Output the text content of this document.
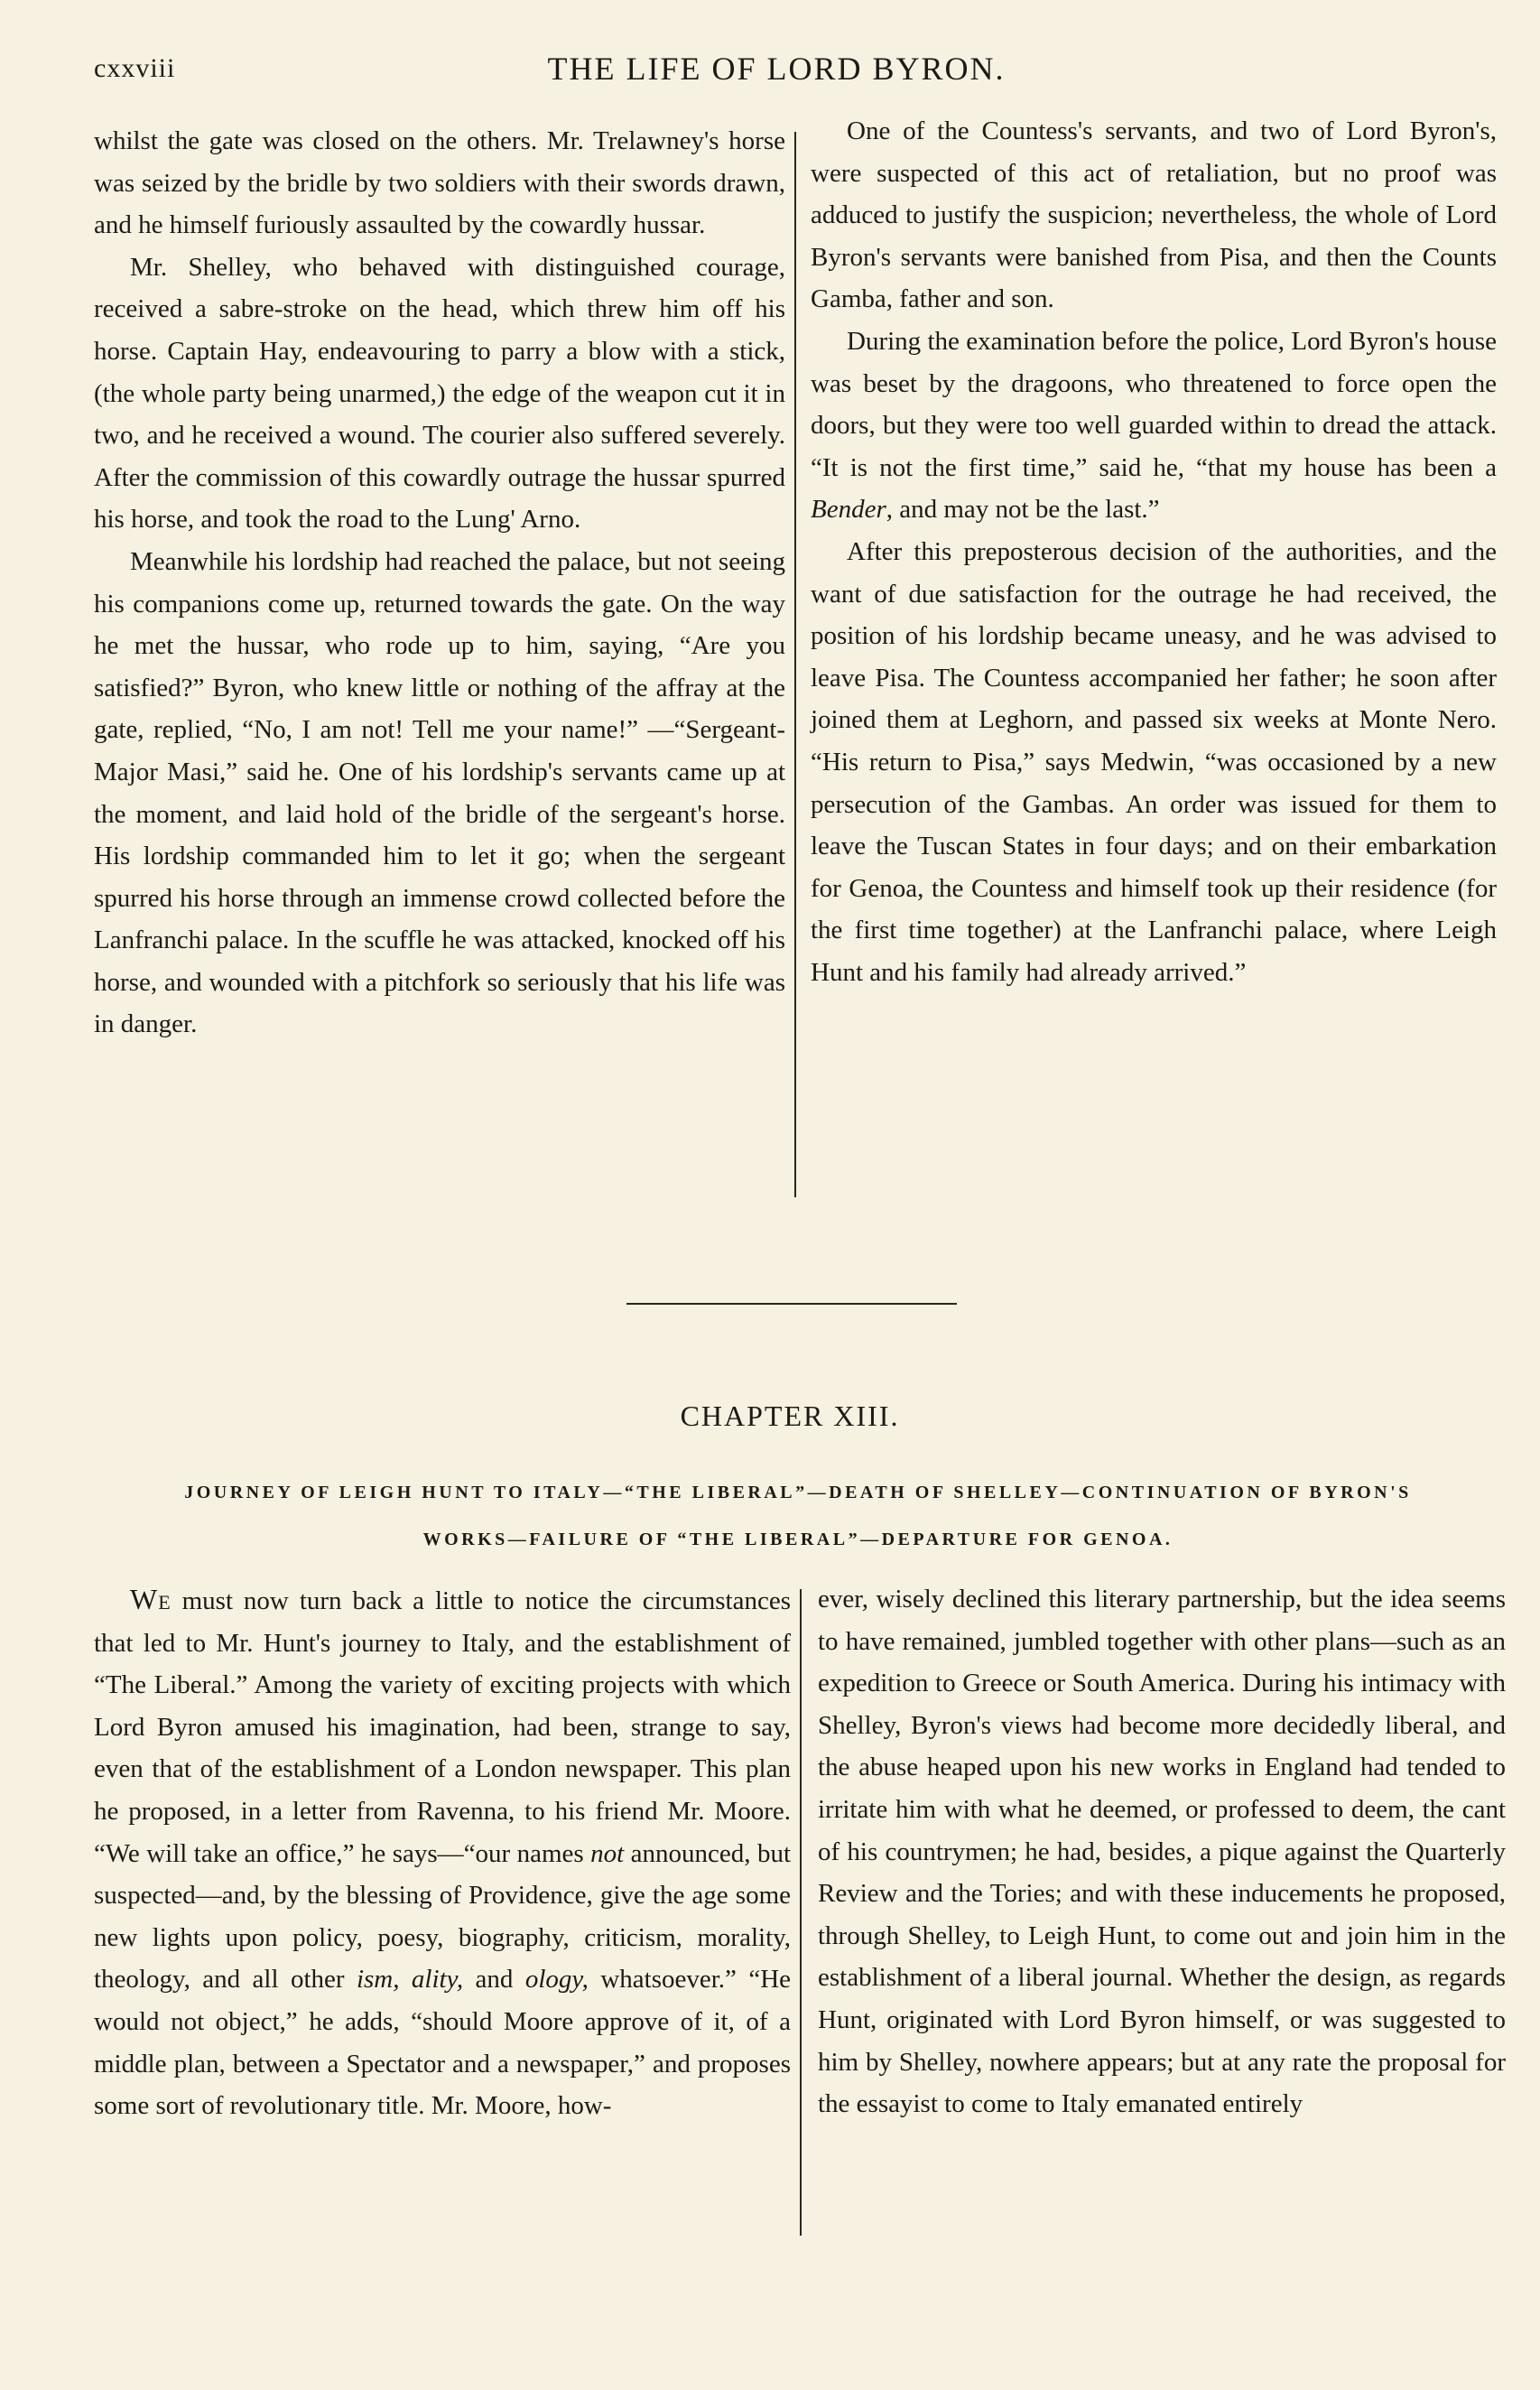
cxxviii	THE LIFE OF LORD BYRON.

whilst the gate was closed on the others. Mr. Trelawney's horse was seized by the bridle by two soldiers with their swords drawn, and he himself furiously assaulted by the cowardly hussar.

Mr. Shelley, who behaved with distinguished courage, received a sabre-stroke on the head, which threw him off his horse. Captain Hay, endeavouring to parry a blow with a stick, (the whole party being unarmed,) the edge of the weapon cut it in two, and he received a wound. The courier also suffered severely. After the commission of this cowardly outrage the hussar spurred his horse, and took the road to the Lung' Arno.

Meanwhile his lordship had reached the palace, but not seeing his companions come up, returned towards the gate. On the way he met the hussar, who rode up to him, saying, “Are you satisfied?” Byron, who knew little or nothing of the affray at the gate, replied, “No, I am not! Tell me your name!” —“Sergeant-Major Masi,” said he. One of his lordship's servants came up at the moment, and laid hold of the bridle of the sergeant's horse. His lordship commanded him to let it go; when the sergeant spurred his horse through an immense crowd collected before the Lanfranchi palace. In the scuffle he was attacked, knocked off his horse, and wounded with a pitchfork so seriously that his life was in danger.

One of the Countess's servants, and two of Lord Byron's, were suspected of this act of retaliation, but no proof was adduced to justify the suspicion; nevertheless, the whole of Lord Byron's servants were banished from Pisa, and then the Counts Gamba, father and son.

During the examination before the police, Lord Byron's house was beset by the dragoons, who threatened to force open the doors, but they were too well guarded within to dread the attack. “It is not the first time,” said he, “that my house has been a Bender, and may not be the last.”

After this preposterous decision of the authorities, and the want of due satisfaction for the outrage he had received, the position of his lordship became uneasy, and he was advised to leave Pisa. The Countess accompanied her father; he soon after joined them at Leghorn, and passed six weeks at Monte Nero. “His return to Pisa,” says Medwin, “was occasioned by a new persecution of the Gambas. An order was issued for them to leave the Tuscan States in four days; and on their embarkation for Genoa, the Countess and himself took up their residence (for the first time together) at the Lanfranchi palace, where Leigh Hunt and his family had already arrived.”

CHAPTER XIII.
JOURNEY OF LEIGH HUNT TO ITALY—“THE LIBERAL”—DEATH OF SHELLEY—CONTINUATION OF BYRON'S
WORKS—FAILURE OF “THE LIBERAL”—DEPARTURE FOR GENOA.

We must now turn back a little to notice the circumstances that led to Mr. Hunt's journey to Italy, and the establishment of “The Liberal.” Among the variety of exciting projects with which Lord Byron amused his imagination, had been, strange to say, even that of the establishment of a London newspaper. This plan he proposed, in a letter from Ravenna, to his friend Mr. Moore. “We will take an office,” he says—“our names not announced, but suspected—and, by the blessing of Providence, give the age some new lights upon policy, poesy, biography, criticism, morality, theology, and all other ism, ality, and ology, whatsoever.” “He would not object,” he adds, “should Moore approve of it, of a middle plan, between a Spectator and a newspaper,” and proposes some sort of revolutionary title. Mr. Moore, how-

ever, wisely declined this literary partnership, but the idea seems to have remained, jumbled together with other plans—such as an expedition to Greece or South America. During his intimacy with Shelley, Byron's views had become more decidedly liberal, and the abuse heaped upon his new works in England had tended to irritate him with what he deemed, or professed to deem, the cant of his countrymen; he had, besides, a pique against the Quarterly Review and the Tories; and with these inducements he proposed, through Shelley, to Leigh Hunt, to come out and join him in the establishment of a liberal journal. Whether the design, as regards Hunt, originated with Lord Byron himself, or was suggested to him by Shelley, nowhere appears; but at any rate the proposal for the essayist to come to Italy emanated entirely
